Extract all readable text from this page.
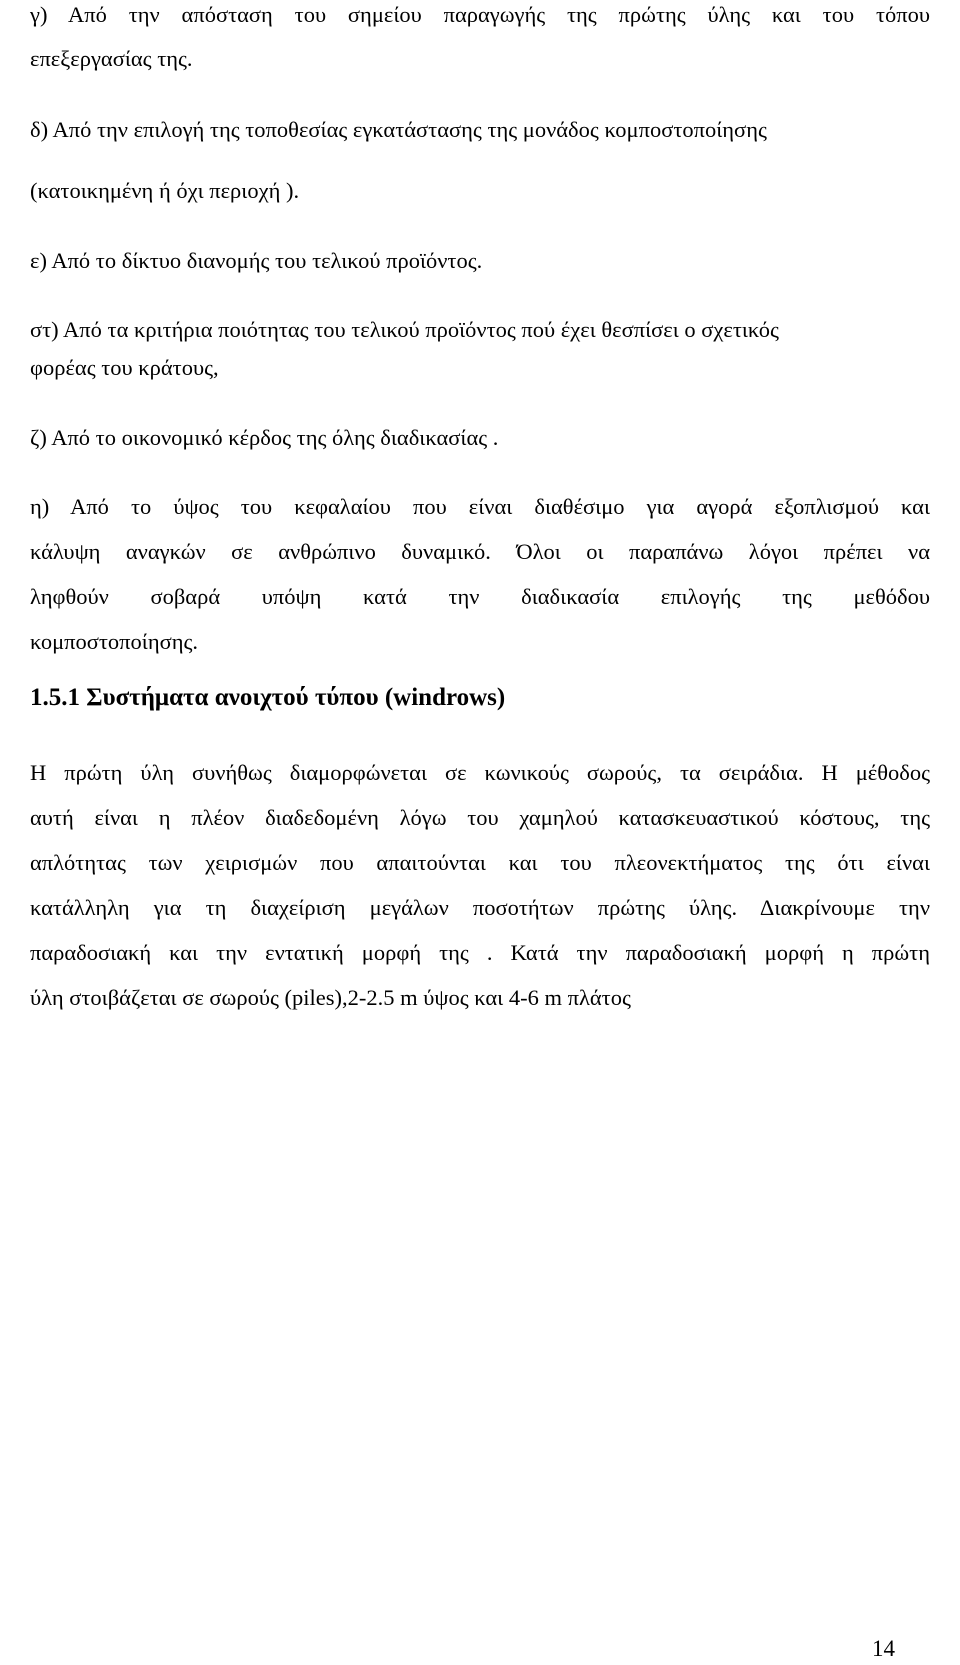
γ) Από την απόσταση του σημείου παραγωγής της πρώτης ύλης και του τόπου
επεξεργασίας της.
δ) Από την επιλογή της τοποθεσίας εγκατάστασης της μονάδος κομποστοποίησης
(κατοικημένη ή όχι περιοχή ).
ε) Από το δίκτυο διανομής του τελικού προϊόντος.
στ) Από τα κριτήρια ποιότητας του τελικού προϊόντος πού έχει θεσπίσει ο σχετικός
φορέας του κράτους,
ζ) Από το οικονομικό κέρδος της όλης διαδικασίας .
η) Από το ύψος του κεφαλαίου που είναι διαθέσιμο για αγορά εξοπλισμού και
κάλυψη αναγκών σε ανθρώπινο δυναμικό. Όλοι οι παραπάνω λόγοι πρέπει να
ληφθούν σοβαρά υπόψη κατά την διαδικασία επιλογής της μεθόδου
κομποστοποίησης.
1.5.1 Συστήματα ανοιχτού τύπου (windrows)
Η πρώτη ύλη συνήθως διαμορφώνεται σε κωνικούς σωρούς, τα σειράδια. Η μέθοδος
αυτή είναι η πλέον διαδεδομένη λόγω του χαμηλού κατασκευαστικού κόστους, της
απλότητας των χειρισμών που απαιτούνται και του πλεονεκτήματος της ότι είναι
κατάλληλη για τη διαχείριση μεγάλων ποσοτήτων πρώτης ύλης. Διακρίνουμε την
παραδοσιακή και την εντατική μορφή της . Κατά την παραδοσιακή μορφή η πρώτη
ύλη στοιβάζεται σε σωρούς (piles),2-2.5 m ύψος και 4-6 m πλάτος
14
